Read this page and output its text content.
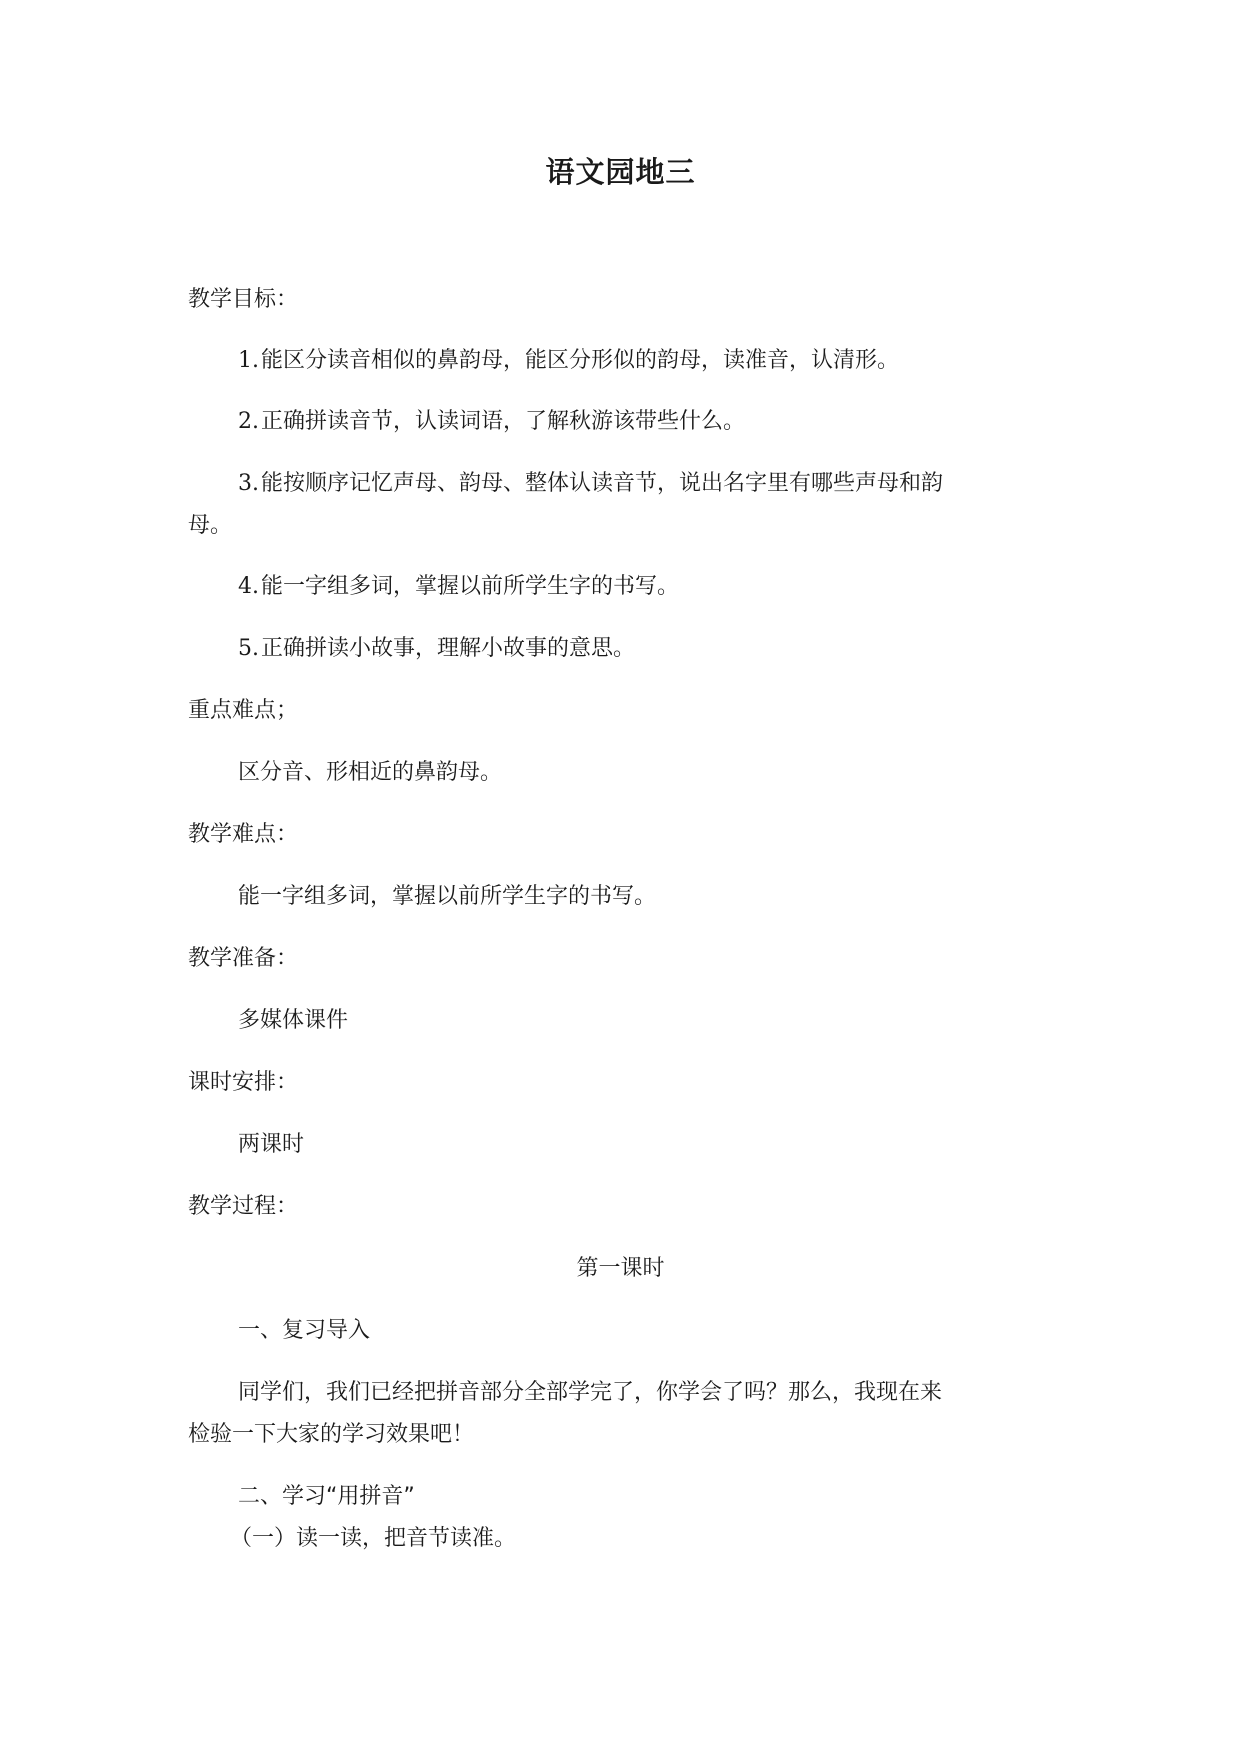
语文园地三
教学目标：
1.能区分读音相似的鼻韵母，能区分形似的韵母，读准音，认清形。
2.正确拼读音节，认读词语，了解秋游该带些什么。
3.能按顺序记忆声母、韵母、整体认读音节，说出名字里有哪些声母和韵
母。
4.能一字组多词，掌握以前所学生字的书写。
5.正确拼读小故事，理解小故事的意思。
重点难点；
区分音、形相近的鼻韵母。
教学难点：
能一字组多词，掌握以前所学生字的书写。
教学准备：
多媒体课件
课时安排：
两课时
教学过程：
第一课时
一、复习导入
同学们，我们已经把拼音部分全部学完了，你学会了吗？那么，我现在来
检验一下大家的学习效果吧！
二、学习“用拼音”
（一）读一读，把音节读准。
